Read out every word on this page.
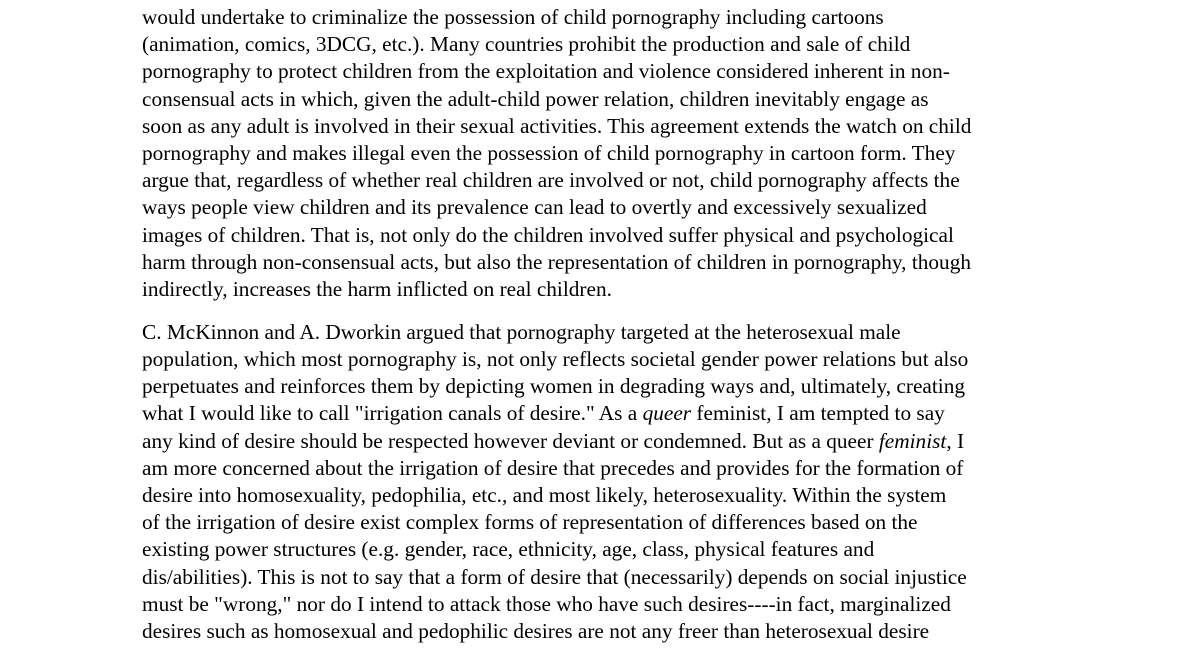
would undertake to criminalize the possession of child pornography including cartoons
(animation, comics, 3DCG, etc.). Many countries prohibit the production and sale of child
pornography to protect children from the exploitation and violence considered inherent in non-
consensual acts in which, given the adult-child power relation, children inevitably engage as
soon as any adult is involved in their sexual activities. This agreement extends the watch on child
pornography and makes illegal even the possession of child pornography in cartoon form. They
argue that, regardless of whether real children are involved or not, child pornography affects the
ways people view children and its prevalence can lead to overtly and excessively sexualized
images of children. That is, not only do the children involved suffer physical and psychological
harm through non-consensual acts, but also the representation of children in pornography, though
indirectly, increases the harm inflicted on real children.

C. McKinnon and A. Dworkin argued that pornography targeted at the heterosexual male
population, which most pornography is, not only reflects societal gender power relations but also
perpetuates and reinforces them by depicting women in degrading ways and, ultimately, creating
what I would like to call "irrigation canals of desire." As a queer feminist, I am tempted to say
any kind of desire should be respected however deviant or condemned. But as a queer feminist, I
am more concerned about the irrigation of desire that precedes and provides for the formation of
desire into homosexuality, pedophilia, etc., and most likely, heterosexuality. Within the system
of the irrigation of desire exist complex forms of representation of differences based on the
existing power structures (e.g. gender, race, ethnicity, age, class, physical features and
dis/abilities). This is not to say that a form of desire that (necessarily) depends on social injustice
must be "wrong," nor do I intend to attack those who have such desires----in fact, marginalized
desires such as homosexual and pedophilic desires are not any freer than heterosexual desire
